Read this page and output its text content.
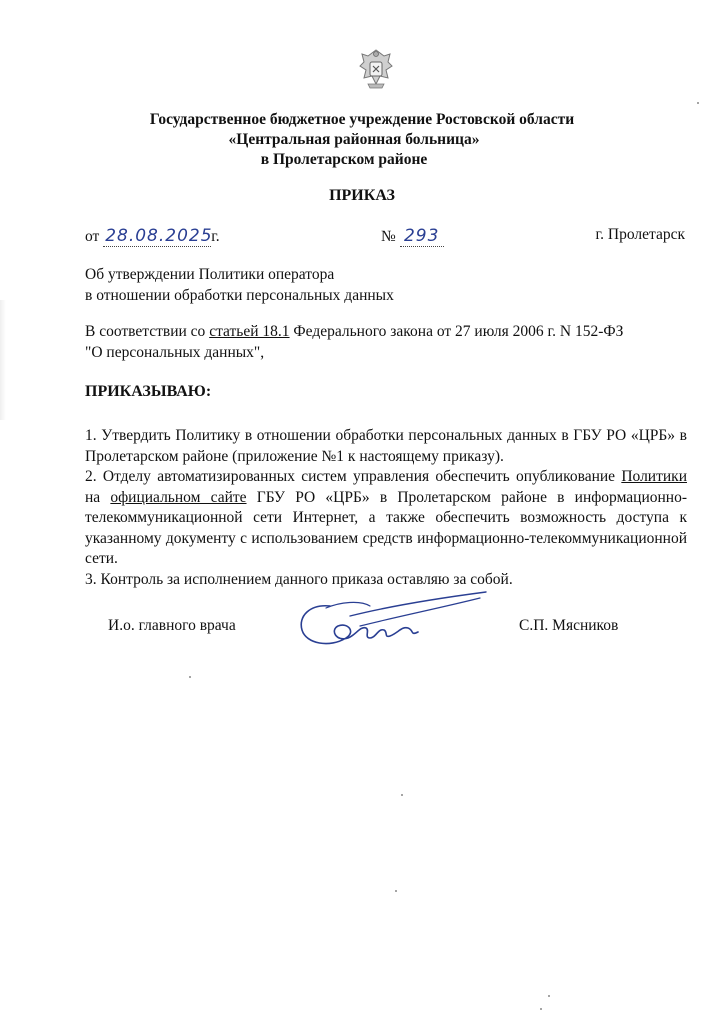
Государственное бюджетное учреждение Ростовской области
«Центральная районная больница»
в Пролетарском районе
ПРИКАЗ
от 28.08.2025г.	№ 293	г. Пролетарск
Об утверждении Политики оператора
в отношении обработки персональных данных
В соответствии со статьей 18.1 Федерального закона от 27 июля 2006 г. N 152-ФЗ
"О персональных данных",
ПРИКАЗЫВАЮ:

1. Утвердить Политику в отношении обработки персональных данных в ГБУ РО «ЦРБ» в Пролетарском районе (приложение №1 к настоящему приказу).

2. Отделу автоматизированных систем управления обеспечить опубликование Политики на официальном сайте ГБУ РО «ЦРБ» в Пролетарском районе в информационно-телекоммуникационной сети Интернет, а также обеспечить возможность доступа к указанному документу с использованием средств информационно-телекоммуникационной сети.

3. Контроль за исполнением данного приказа оставляю за собой.

И.о. главного врача	С.П. Мясников
